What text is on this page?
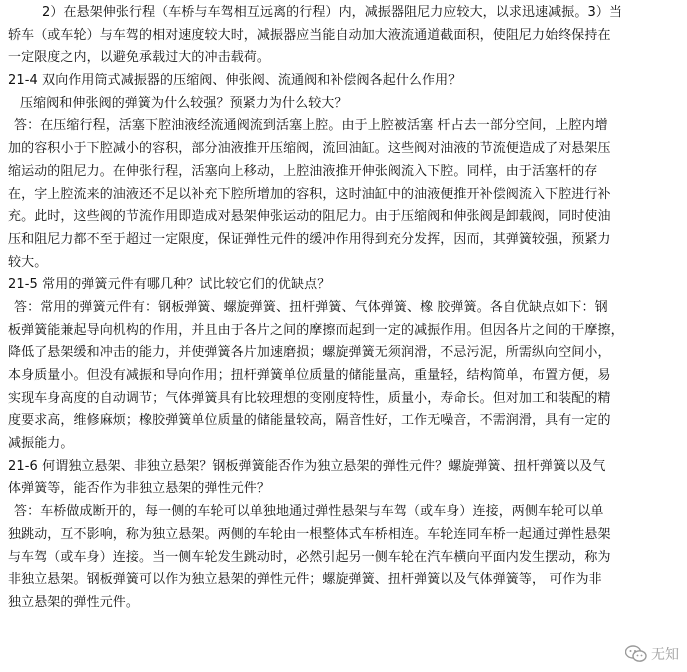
2）在悬架伸张行程（车桥与车驾相互远离的行程）内，减振器阻尼力应较大，以求迅速减振。3）当
轿车（或车轮）与车驾的相对速度较大时，减振器应当能自动加大液流通道截面积，使阻尼力始终保持在
一定限度之内，以避免承载过大的冲击载荷。
21-4 双向作用筒式减振器的压缩阀、伸张阀、流通阀和补偿阀各起什么作用？
压缩阀和伸张阀的弹簧为什么较强？预紧力为什么较大？
答：在压缩行程，活塞下腔油液经流通阀流到活塞上腔。由于上腔被活塞 杆占去一部分空间，上腔内增
加的容积小于下腔减小的容积，部分油液推开压缩阀，流回油缸。这些阀对油液的节流便造成了对悬架压
缩运动的阻尼力。在伸张行程，活塞向上移动，上腔油液推开伸张阀流入下腔。同样，由于活塞杆的存
在，字上腔流来的油液还不足以补充下腔所增加的容积，这时油缸中的油液便推开补偿阀流入下腔进行补
充。此时，这些阀的节流作用即造成对悬架伸张运动的阻尼力。由于压缩阀和伸张阀是卸载阀，同时使油
压和阻尼力都不至于超过一定限度，保证弹性元件的缓冲作用得到充分发挥，因而，其弹簧较强，预紧力
较大。
21-5 常用的弹簧元件有哪几种？试比较它们的优缺点？
答：常用的弹簧元件有：钢板弹簧、螺旋弹簧、扭杆弹簧、气体弹簧、橡 胶弹簧。各自优缺点如下：钢
板弹簧能兼起导向机构的作用，并且由于各片之间的摩擦而起到一定的减振作用。但因各片之间的干摩擦，
降低了悬架缓和冲击的能力，并使弹簧各片加速磨损；螺旋弹簧无须润滑，不忌污泥，所需纵向空间小，
本身质量小。但没有减振和导向作用；扭杆弹簧单位质量的储能量高，重量轻，结构简单，布置方便，易
实现车身高度的自动调节；气体弹簧具有比较理想的变刚度特性，质量小，寿命长。但对加工和装配的精
度要求高，维修麻烦；橡胶弹簧单位质量的储能量较高，隔音性好，工作无噪音，不需润滑，具有一定的
减振能力。
21-6 何谓独立悬架、非独立悬架？钢板弹簧能否作为独立悬架的弹性元件？螺旋弹簧、扭杆弹簧以及气
体弹簧等，能否作为非独立悬架的弹性元件？
答：车桥做成断开的，每一侧的车轮可以单独地通过弹性悬架与车驾（或车身）连接，两侧车轮可以单
独跳动，互不影响，称为独立悬架。两侧的车轮由一根整体式车桥相连。车轮连同车桥一起通过弹性悬架
与车驾（或车身）连接。当一侧车轮发生跳动时，必然引起另一侧车轮在汽车横向平面内发生摆动，称为
非独立悬架。钢板弹簧可以作为独立悬架的弹性元件；螺旋弹簧、扭杆弹簧以及气体弹簧等， 可作为非
独立悬架的弹性元件。
无知
